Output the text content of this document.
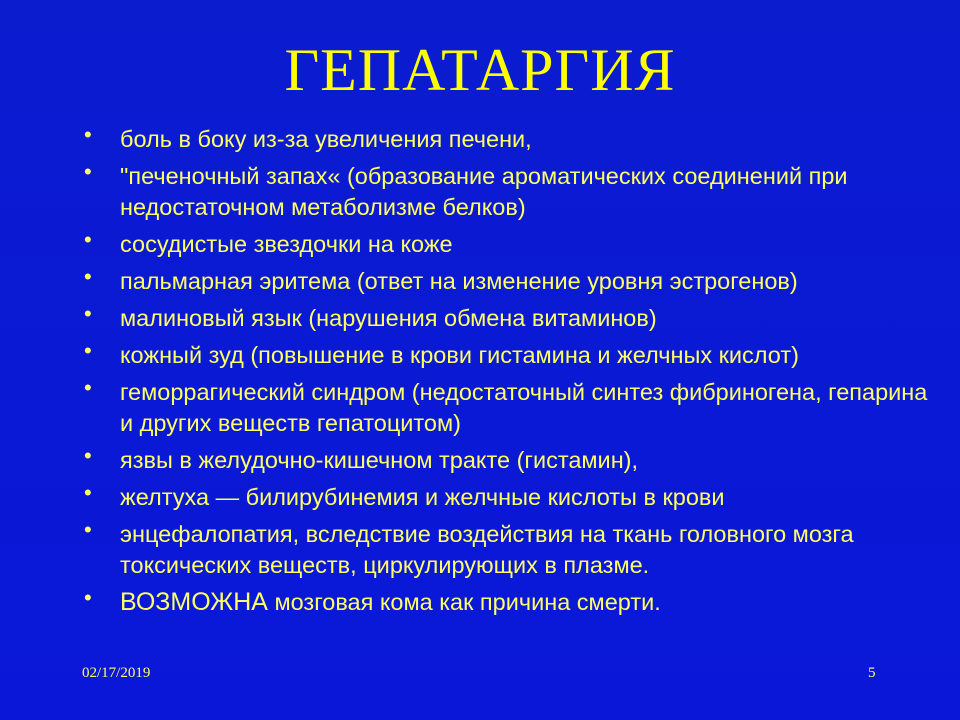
ГЕПАТАРГИЯ
• боль в боку из-за увеличения печени,
• "печеночный запах« (образование ароматических соединений при недостаточном метаболизме белков)
• сосудистые звездочки на коже
• пальмарная эритема (ответ на изменение уровня эстрогенов)
• малиновый язык (нарушения обмена витаминов)
• кожный зуд (повышение в крови гистамина и желчных кислот)
• геморрагический синдром (недостаточный синтез фибриногена, гепарина и других веществ гепатоцитом)
• язвы в желудочно-кишечном тракте (гистамин),
• желтуха — билирубинемия и желчные кислоты в крови
• энцефалопатия, вследствие воздействия на ткань головного мозга токсических веществ, циркулирующих в плазме.
• ВОЗМОЖНА мозговая кома как причина смерти.
02/17/2019	5
